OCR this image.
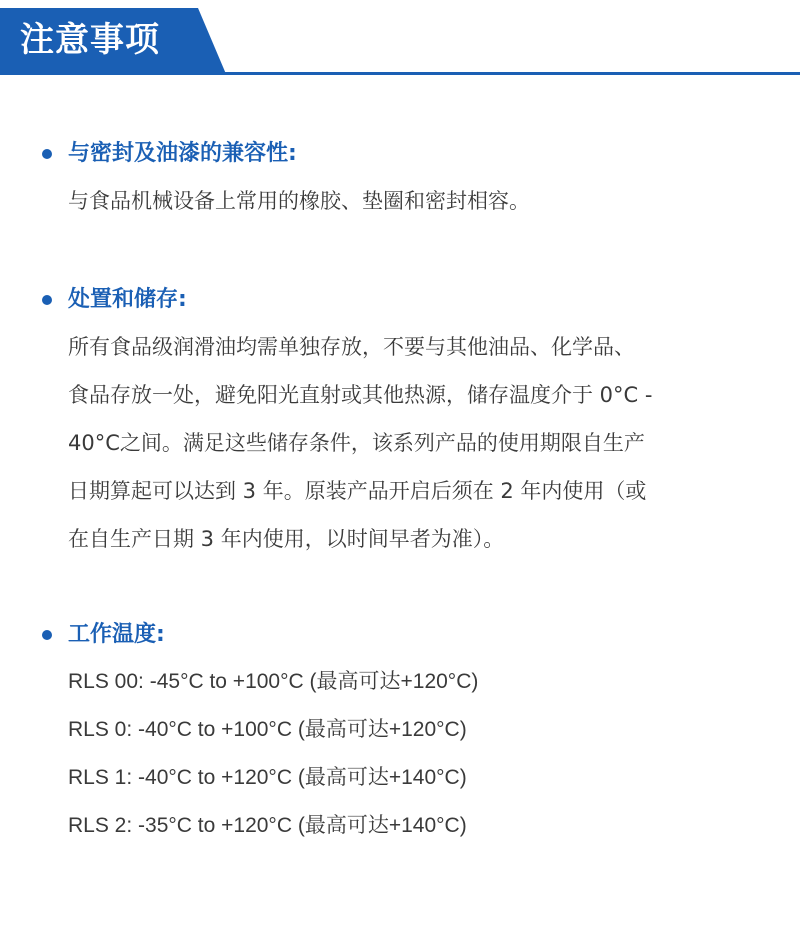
注意事项
与密封及油漆的兼容性:

与食品机械设备上常用的橡胶、垫圈和密封相容。

处置和储存:

所有食品级润滑油均需单独存放，不要与其他油品、化学品、

食品存放一处，避免阳光直射或其他热源，储存温度介于 0°C -

40°C之间。满足这些储存条件，该系列产品的使用期限自生产

日期算起可以达到 3 年。原装产品开启后须在 2 年内使用（或

在自生产日期 3 年内使用，以时间早者为准）。

工作温度:
RLS 00: -45°C to +100°C (最高可达+120°C)
RLS 0: -40°C to +100°C (最高可达+120°C)
RLS 1: -40°C to +120°C (最高可达+140°C)
RLS 2: -35°C to +120°C (最高可达+140°C)
